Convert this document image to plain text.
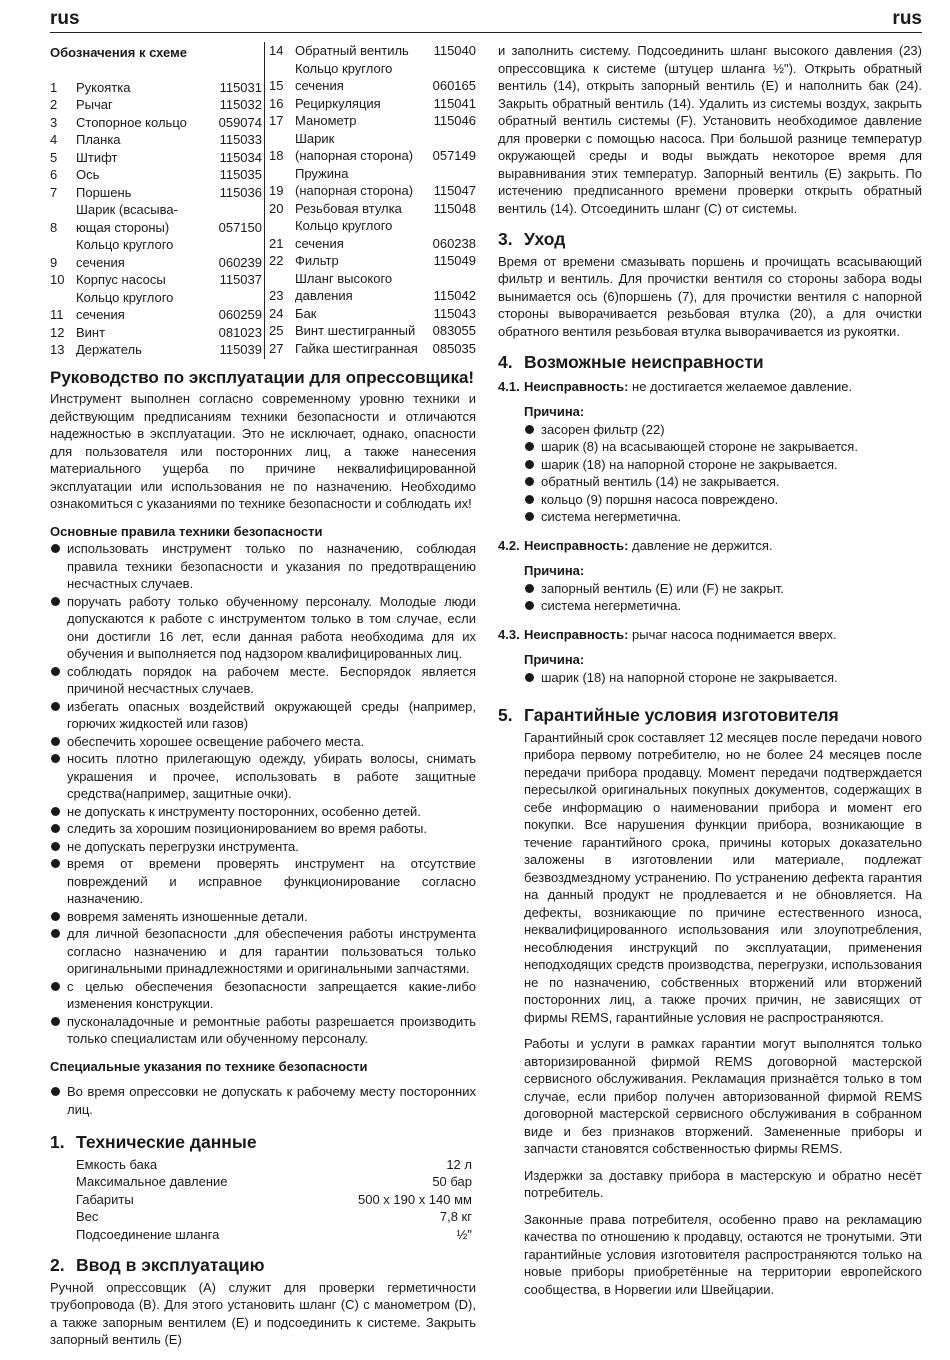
rus	rus
Обозначения к схеме
1	Рукоятка	115031
2	Рычаг	115032
3	Стопорное кольцо	059074
4	Планка	115033
5	Штифт	115034
6	Ось	115035
7	Поршень	115036
8
Шарик (всасыва-
ющая стороны)	057150
9
Кольцо круглого
сечения	060239
10 Корпус насосы	115037
11
Кольцо круглого
сечения	060259
12 Винт	081023
13 Держатель	115039
14 Обратный вентиль	115040
15
Кольцо круглого
сечения	060165
16 Рециркуляция	115041
17 Манометр	115046
18
Шарик
(напорная сторона)	057149
19
Пружина
(напорная сторона)	115047
20 Резьбовая втулка	115048
21
Кольцо круглого
сечения	060238
22 Фильтр	115049
23
Шланг высокого
давления	115042
24 Бак	115043
25 Винт шестигранный	083055
27 Гайка шестигранная	085035
Руководство по эксплуатации для опрессовщика!

Инструмент выполнен согласно современному уровню техники и действующим предписаниям техники безопасности и отличаются надежностью в эксплуатации. Это не исключает, однако, опасности для пользователя или посторонних лиц, а также нанесения материального ущерба по причине неквалифицированной эксплуатации или использования не по назначению. Необходимо ознакомиться с указаниями по технике безопасности и соблюдать их!

Основные правила техники безопасности

использовать инструмент только по назначению, соблюдая правила техники безопасности и указания по предотвращению несчастных случаев.
поручать работу только обученному персоналу. Молодые люди допускаются к работе с инструментом только в том случае, если они достигли 16 лет, если данная работа необходима для их обучения и выполняется под надзором квалифицированных лиц.
соблюдать порядок на рабочем месте. Беспорядок является причиной несчастных случаев.
избегать опасных воздействий окружающей среды (например, горючих жидкостей или газов)
обеспечить хорошее освещение рабочего места.
носить плотно прилегающую одежду, убирать волосы, снимать украшения и прочее, использовать в работе защитные средства(например, защитные очки).
не допускать к инструменту посторонних, особенно детей.
следить за хорошим позиционированием во время работы.
не допускать перегрузки инструмента.
время от времени проверять инструмент на отсутствие повреждений и исправное функционирование согласно назначению.
вовремя заменять изношенные детали.
для личной безопасности ,для обеспечения работы инструмента согласно назначению и для гарантии пользоваться только оригинальными принадлежностями и оригинальными запчастями.
с целью обеспечения безопасности запрещается какие-либо изменения конструкции.
пусконаладочные и ремонтные работы разрешается производить только специалистам или обученному персоналу.

Специальные указания по технике безопасности

Во время опрессовки не допускать к рабочему месту посторонних лиц.
1. Технические данные
Емкость бака	12 л
Максимальное давление	50 бар
Габариты	500 x 190 x 140 мм
Вес	7,8 кг
Подсоединение шланга	½"
2. Ввод в эксплуатацию

Ручной опрессовщик (A) служит для проверки герметичности трубопровода (B). Для этого установить шланг (C) с манометром (D), а также запорным вентилем (E) и подсоединить к системе. Закрыть запорный вентиль (E)

и заполнить систему. Подсоединить шланг высокого давления (23) опрессовщика к системе (штуцер шланга ½"). Открыть обратный вентиль (14), открыть запорный вентиль (E) и наполнить бак (24). Закрыть обратный вентиль (14). Удалить из системы воздух, закрыть обратный вентиль системы (F). Установить необходимое давление для проверки с помощью насоса. При большой разнице температур окружающей среды и воды выждать некоторое время для выравнивания этих температур. Запорный вентиль (E) закрыть. По истечению предписанного времени проверки открыть обратный вентиль (14). Отсоединить шланг (C) от системы.

3. Уход

Время от времени смазывать поршень и прочищать всасывающий фильтр и вентиль. Для прочистки вентиля со стороны забора воды вынимается ось (6)поршень (7), для прочистки вентиля с напорной стороны выворачивается резьбовая втулка (20), а для очистки обратного вентиля резьбовая втулка выворачивается из рукоятки.

4. Возможные неисправности
4.1. Неисправность: не достигается желаемое давление.

Причина:

засорен фильтр (22)
шарик (8) на всасывающей стороне не закрывается.
шарик (18) на напорной стороне не закрывается.
обратный вентиль (14) не закрывается.
кольцо (9) поршня насоса повреждено.
система негерметична.
4.2. Неисправность: давление не держится.

Причина:

запорный вентиль (E) или (F) не закрыт.
система негерметична.
4.3. Неисправность: рычаг насоса поднимается вверх.

Причина:

шарик (18) на напорной стороне не закрывается.
5. Гарантийные условия изготовителя

Гарантийный срок составляет 12 месяцев после передачи нового прибора первому потребителю, но не более 24 месяцев после передачи прибора продавцу. Момент передачи подтверждается пересылкой оригинальных покупных документов, содержащих в себе информацию о наименовании прибора и момент его покупки. Все нарушения функции прибора, возникающие в течение гарантийного срока, причины которых доказательно заложены в изготовлении или материале, подлежат безвоздмездному устранению. По устранению дефекта гарантия на данный продукт не продлевается и не обновляется. На дефекты, возникающие по причине естественного износа, неквалифицированного использования или злоупотребления, несоблюдения инструкций по эксплуатации, применения неподходящих средств производства, перегрузки, использования не по назначению, собственных вторжений или вторжений посторонних лиц, а также прочих причин, не зависящих от фирмы REMS, гарантийные условия не распространяются.

Работы и услуги в рамках гарантии могут выполнятся только авторизированной фирмой REMS договорной мастерской сервисного обслуживания. Рекламация признаётся только в том случае, если прибор получен авторизованной фирмой REMS договорной мастерской сервисного обслуживания в собранном виде и без признаков вторжений. Замененные приборы и запчасти становятся собственностью фирмы REMS.

Издержки за доставку прибора в мастерскую и обратно несёт потребитель.

Законные права потребителя, особенно право на рекламацию качества по отношению к продавцу, остаются не тронутыми. Эти гарантийные условия изготовителя распространяются только на новые приборы приобретённые на территории европейского сообщества, в Норвегии или Швейцарии.
